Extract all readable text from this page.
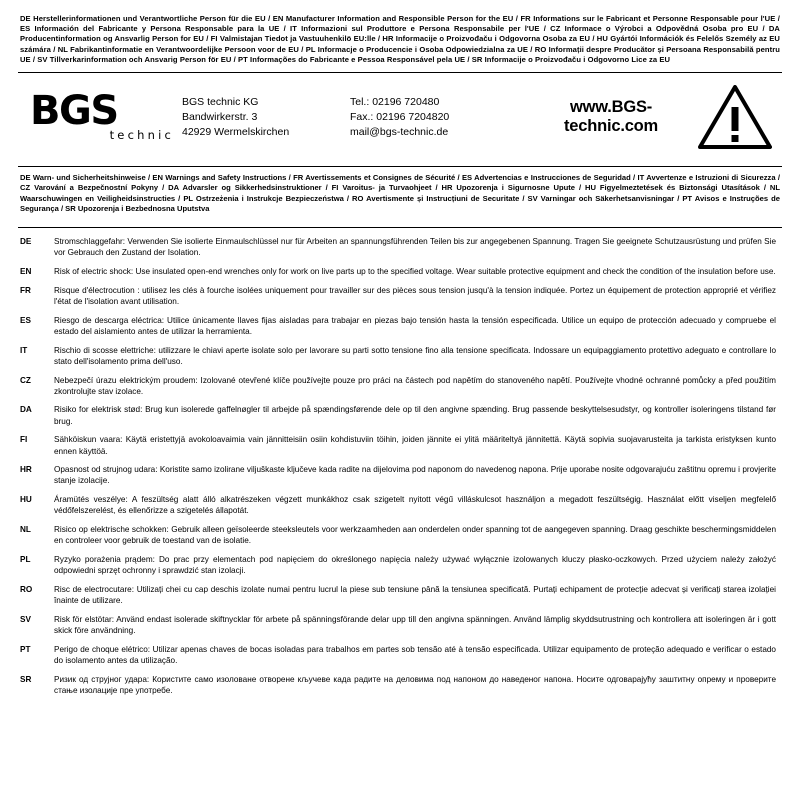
DE Herstellerinformationen und Verantwortliche Person für die EU / EN Manufacturer Information and Responsible Person for the EU / FR Informations sur le Fabricant et Personne Responsable pour l'UE / ES Información del Fabricante y Persona Responsable para la UE / IT Informazioni sul Produttore e Persona Responsabile per l'UE / CZ Informace o Výrobci a Odpovědná Osoba pro EU / DA Producentinformation og Ansvarlig Person for EU / FI Valmistajan Tiedot ja Vastuuhenkilö EU:lle / HR Informacije o Proizvođaču i Odgovorna Osoba za EU / HU Gyártói Információk és Felelős Személy az EU számára / NL Fabrikantinformatie en Verantwoordelijke Persoon voor de EU / PL Informacje o Producencie i Osoba Odpowiedzialna za UE / RO Informații despre Producător și Persoana Responsabilă pentru UE / SV Tillverkarinformation och Ansvarig Person för EU / PT Informações do Fabricante e Pessoa Responsável pela UE / SR Informacije o Proizvođaču i Odgovorno Lice za EU
BGS
technic
BGS technic KG
Bandwirkerstr. 3
42929 Wermelskirchen
Tel.: 02196 720480
Fax.: 02196 7204820
mail@bgs-technic.de
www.BGS-technic.com
DE Warn- und Sicherheitshinweise / EN Warnings and Safety Instructions / FR Avertissements et Consignes de Sécurité / ES Advertencias e Instrucciones de Seguridad / IT Avvertenze e Istruzioni di Sicurezza / CZ Varování a Bezpečnostní Pokyny / DA Advarsler og Sikkerhedsinstruktioner / FI Varoitus- ja Turvaohjeet / HR Upozorenja i Sigurnosne Upute / HU Figyelmeztetések és Biztonsági Utasítások / NL Waarschuwingen en Veiligheidsinstructies / PL Ostrzeżenia i Instrukcje Bezpieczeństwa / RO Avertismente și Instrucțiuni de Securitate / SV Varningar och Säkerhetsanvisningar / PT Avisos e Instruções de Segurança / SR Upozorenja i Bezbednosna Uputstva
DE	Stromschlaggefahr: Verwenden Sie isolierte Einmaulschlüssel nur für Arbeiten an spannungsführenden Teilen bis zur angegebenen Spannung. Tragen Sie geeignete Schutzausrüstung und prüfen Sie vor Gebrauch den Zustand der Isolation.
EN	Risk of electric shock: Use insulated open-end wrenches only for work on live parts up to the specified voltage. Wear suitable protective equipment and check the condition of the insulation before use.
FR	Risque d'électrocution : utilisez les clés à fourche isolées uniquement pour travailler sur des pièces sous tension jusqu'à la tension indiquée. Portez un équipement de protection approprié et vérifiez l'état de l'isolation avant utilisation.
ES	Riesgo de descarga eléctrica: Utilice únicamente llaves fijas aisladas para trabajar en piezas bajo tensión hasta la tensión especificada. Utilice un equipo de protección adecuado y compruebe el estado del aislamiento antes de utilizar la herramienta.
IT	Rischio di scosse elettriche: utilizzare le chiavi aperte isolate solo per lavorare su parti sotto tensione fino alla tensione specificata. Indossare un equipaggiamento protettivo adeguato e controllare lo stato dell'isolamento prima dell'uso.
CZ	Nebezpečí úrazu elektrickým proudem: Izolované otevřené klíče používejte pouze pro práci na částech pod napětím do stanoveného napětí. Používejte vhodné ochranné pomůcky a před použitím zkontrolujte stav izolace.
DA	Risiko for elektrisk stød: Brug kun isolerede gaffelnøgler til arbejde på spændingsførende dele op til den angivne spænding. Brug passende beskyttelsesudstyr, og kontroller isoleringens tilstand før brug.
FI	Sähköiskun vaara: Käytä eristettyjä avokoloavaimia vain jännitteisiin osiin kohdistuviin töihin, joiden jännite ei ylitä määriteltyä jännitettä. Käytä sopivia suojavarusteita ja tarkista eristyksen kunto ennen käyttöä.
HR	Opasnost od strujnog udara: Koristite samo izolirane viljuškaste ključeve kada radite na dijelovima pod naponom do navedenog napona. Prije uporabe nosite odgovarajuću zaštitnu opremu i provjerite stanje izolacije.
HU	Áramütés veszélye: A feszültség alatt álló alkatrészeken végzett munkákhoz csak szigetelt nyitott végű villáskulcsot használjon a megadott feszültségig. Használat előtt viseljen megfelelő védőfelszerelést, és ellenőrizze a szigetelés állapotát.
NL	Risico op elektrische schokken: Gebruik alleen geïsoleerde steeksleutels voor werkzaamheden aan onderdelen onder spanning tot de aangegeven spanning. Draag geschikte beschermingsmiddelen en controleer voor gebruik de toestand van de isolatie.
PL	Ryzyko porażenia prądem: Do prac przy elementach pod napięciem do określonego napięcia należy używać wyłącznie izolowanych kluczy płasko-oczkowych. Przed użyciem należy założyć odpowiedni sprzęt ochronny i sprawdzić stan izolacji.
RO	Risc de electrocutare: Utilizați chei cu cap deschis izolate numai pentru lucrul la piese sub tensiune până la tensiunea specificată. Purtați echipament de protecție adecvat și verificați starea izolației înainte de utilizare.
SV	Risk för elstötar: Använd endast isolerade skiftnycklar för arbete på spänningsförande delar upp till den angivna spänningen. Använd lämplig skyddsutrustning och kontrollera att isoleringen är i gott skick före användning.
PT	Perigo de choque elétrico: Utilizar apenas chaves de bocas isoladas para trabalhos em partes sob tensão até à tensão especificada. Utilizar equipamento de proteção adequado e verificar o estado do isolamento antes da utilização.
SR	Ризик од струјног удара: Користите само изоловане отворене кључеве када радите на деловима под напоном до наведеног напона. Носите одговарајућу заштитну опрему и проверите стање изолације пре употребе.
